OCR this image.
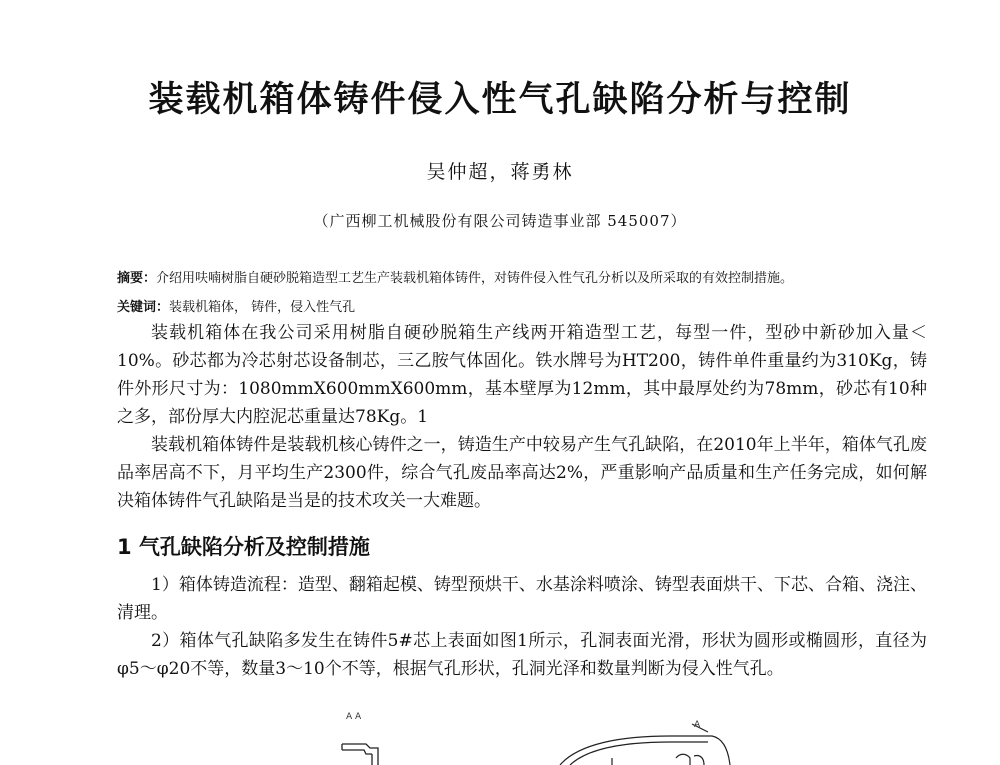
装载机箱体铸件侵入性气孔缺陷分析与控制
吴仲超，蒋勇林
（广西柳工机械股份有限公司铸造事业部 545007）
摘要：介绍用呋喃树脂自硬砂脱箱造型工艺生产装载机箱体铸件，对铸件侵入性气孔分析以及所采取的有效控制措施。
关键词：装载机箱体， 铸件，侵入性气孔

装载机箱体在我公司采用树脂自硬砂脱箱生产线两开箱造型工艺，每型一件，型砂中新砂加入量＜10%。砂芯都为冷芯射芯设备制芯，三乙胺气体固化。铁水牌号为HT200，铸件单件重量约为310Kg，铸件外形尺寸为：1080mmX600mmX600mm，基本壁厚为12mm，其中最厚处约为78mm，砂芯有10种之多，部份厚大内腔泥芯重量达78Kg。1

装载机箱体铸件是装载机核心铸件之一，铸造生产中较易产生气孔缺陷，在2010年上半年，箱体气孔废品率居高不下，月平均生产2300件，综合气孔废品率高达2%，严重影响产品质量和生产任务完成，如何解决箱体铸件气孔缺陷是当是的技术攻关一大难题。

1 气孔缺陷分析及控制措施

1）箱体铸造流程：造型、翻箱起模、铸型预烘干、水基涂料喷涂、铸型表面烘干、下芯、合箱、浇注、清理。

2）箱体气孔缺陷多发生在铸件5#芯上表面如图1所示，孔洞表面光滑，形状为圆形或椭圆形，直径为φ5～φ20不等，数量3～10个不等，根据气孔形状，孔洞光泽和数量判断为侵入性气孔。

A A
A
